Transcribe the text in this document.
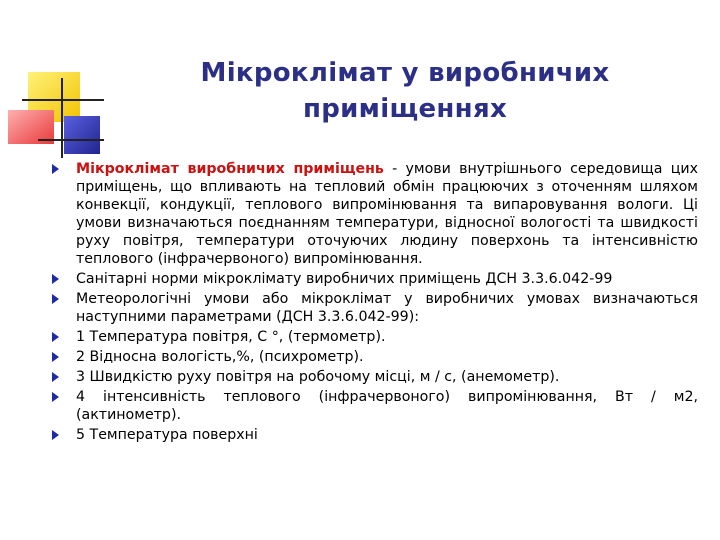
Мікроклімат у виробничих
приміщеннях
Мікроклімат виробничих приміщень - умови внутрішнього середовища цих приміщень, що впливають на тепловий обмін працюючих з оточенням шляхом конвекції, кондукції, теплового випромінювання та випаровування вологи. Ці умови визначаються поєднанням температури, відносної вологості та швидкості руху повітря, температури оточуючих людину поверхонь та інтенсивністю теплового (інфрачервоного) випромінювання.
Санітарні норми мікроклімату виробничих приміщень ДСН 3.3.6.042-99
Метеорологічні умови або мікроклімат у виробничих умовах визначаються наступними параметрами (ДСН 3.3.6.042-99):
1 Температура повітря, С °, (термометр).
2 Відносна вологість,%, (психрометр).
3 Швидкістю руху повітря на робочому місці, м / с, (анемометр).
4 інтенсивність теплового (інфрачервоного) випромінювання, Вт / м2, (актинометр).
5 Температура поверхні
